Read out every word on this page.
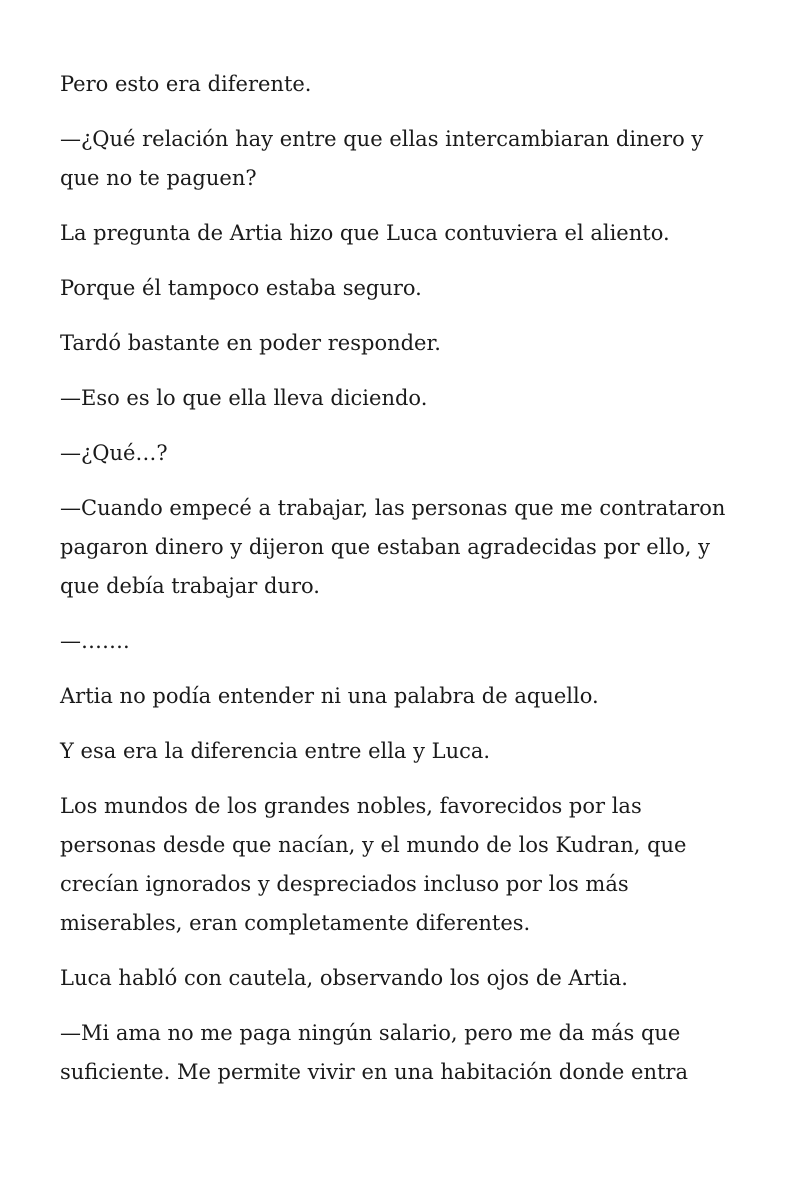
Pero esto era diferente.

—¿Qué relación hay entre que ellas intercambiaran dinero y que no te paguen?

La pregunta de Artia hizo que Luca contuviera el aliento.

Porque él tampoco estaba seguro.

Tardó bastante en poder responder.

—Eso es lo que ella lleva diciendo.

—¿Qué…?

—Cuando empecé a trabajar, las personas que me contrataron pagaron dinero y dijeron que estaban agradecidas por ello, y que debía trabajar duro.

—…….

Artia no podía entender ni una palabra de aquello.

Y esa era la diferencia entre ella y Luca.

Los mundos de los grandes nobles, favorecidos por las personas desde que nacían, y el mundo de los Kudran, que crecían ignorados y despreciados incluso por los más miserables, eran completamente diferentes.

Luca habló con cautela, observando los ojos de Artia.

—Mi ama no me paga ningún salario, pero me da más que suficiente. Me permite vivir en una habitación donde entra
